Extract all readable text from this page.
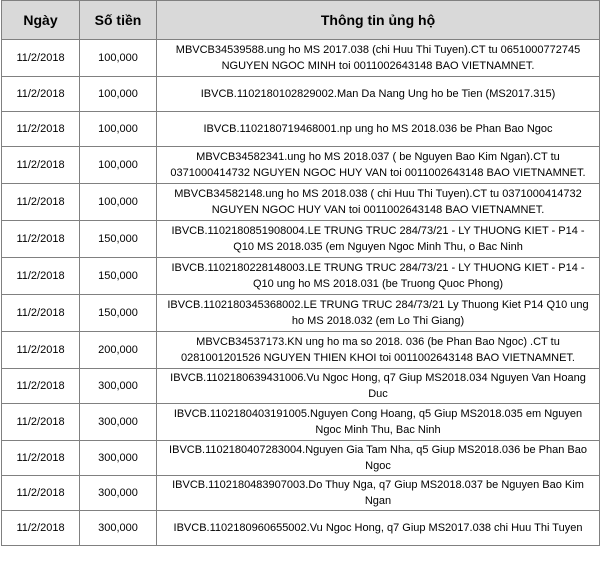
Ngày	Số tiền	Thông tin ủng hộ
11/2/2018	100,000	MBVCB34539588.ung ho MS 2017.038 (chi Huu Thi Tuyen).CT tu 0651000772745 NGUYEN NGOC MINH toi 0011002643148 BAO VIETNAMNET.
11/2/2018	100,000	IBVCB.1102180102829002.Man Da Nang Ung ho be Tien (MS2017.315)
11/2/2018	100,000	IBVCB.1102180719468001.np ung ho MS 2018.036 be Phan Bao Ngoc
11/2/2018	100,000	MBVCB34582341.ung ho MS 2018.037 ( be Nguyen Bao Kim Ngan).CT tu 0371000414732 NGUYEN NGOC HUY VAN toi 0011002643148 BAO VIETNAMNET.
11/2/2018	100,000	MBVCB34582148.ung ho MS 2018.038 ( chi Huu Thi Tuyen).CT tu 0371000414732 NGUYEN NGOC HUY VAN toi 0011002643148 BAO VIETNAMNET.
11/2/2018	150,000	IBVCB.1102180851908004.LE TRUNG TRUC 284/73/21 - LY THUONG KIET - P14 - Q10 MS 2018.035 (em Nguyen Ngoc Minh Thu, o Bac Ninh
11/2/2018	150,000	IBVCB.1102180228148003.LE TRUNG TRUC 284/73/21 - LY THUONG KIET - P14 - Q10 ung ho MS 2018.031 (be Truong Quoc Phong)
11/2/2018	150,000	IBVCB.1102180345368002.LE TRUNG TRUC 284/73/21 Ly Thuong Kiet P14 Q10 ung ho MS 2018.032 (em Lo Thi Giang)
11/2/2018	200,000	MBVCB34537173.KN ung ho ma so 2018. 036 (be Phan Bao Ngoc) .CT tu 0281001201526 NGUYEN THIEN KHOI toi 0011002643148 BAO VIETNAMNET.
11/2/2018	300,000	IBVCB.1102180639431006.Vu Ngoc Hong, q7 Giup MS2018.034 Nguyen Van Hoang Duc
11/2/2018	300,000	IBVCB.1102180403191005.Nguyen Cong Hoang, q5 Giup MS2018.035 em Nguyen Ngoc Minh Thu, Bac Ninh
11/2/2018	300,000	IBVCB.1102180407283004.Nguyen Gia Tam Nha, q5 Giup MS2018.036 be Phan Bao Ngoc
11/2/2018	300,000	IBVCB.1102180483907003.Do Thuy Nga, q7 Giup MS2018.037 be Nguyen Bao Kim Ngan
11/2/2018	300,000	IBVCB.1102180960655002.Vu Ngoc Hong, q7 Giup MS2017.038 chi Huu Thi Tuyen
